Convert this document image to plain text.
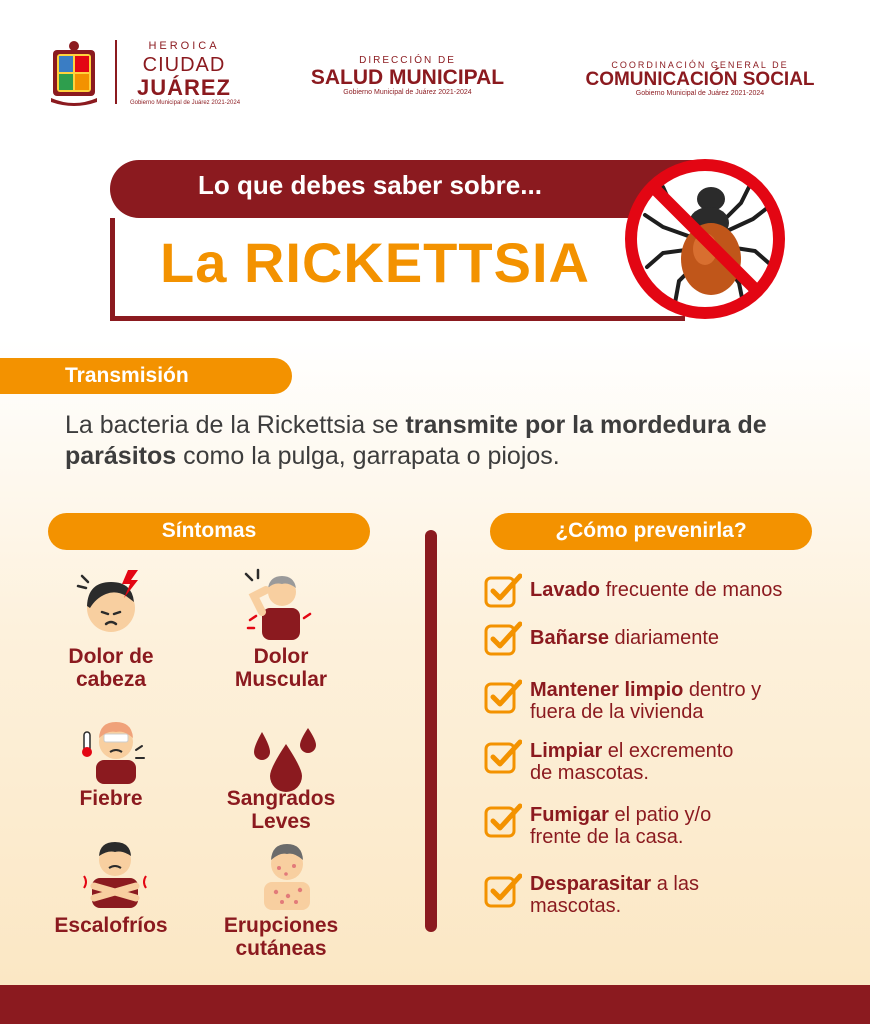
HEROICA
CIUDAD
JUÁREZ
Gobierno Municipal de Juárez 2021-2024
DIRECCIÓN DE
SALUD MUNICIPAL
Gobierno Municipal de Juárez 2021-2024
COORDINACIÓN GENERAL DE
COMUNICACIÓN SOCIAL
Gobierno Municipal de Juárez 2021-2024
Lo que debes saber sobre...
La RICKETTSIA
Transmisión
La bacteria de la Rickettsia se transmite por la mordedura de parásitos como la pulga, garrapata o piojos.
Síntomas	¿Cómo prevenirla?
Dolor de
cabeza
Dolor
Muscular
Fiebre	Sangrados
Leves
Escalofríos	Erupciones
cutáneas
Lavado frecuente de manos
Bañarse diariamente
Mantener limpio dentro y
fuera de la vivienda
Limpiar el excremento
de mascotas.
Fumigar el patio y/o
frente de la casa.
Desparasitar a las
mascotas.
